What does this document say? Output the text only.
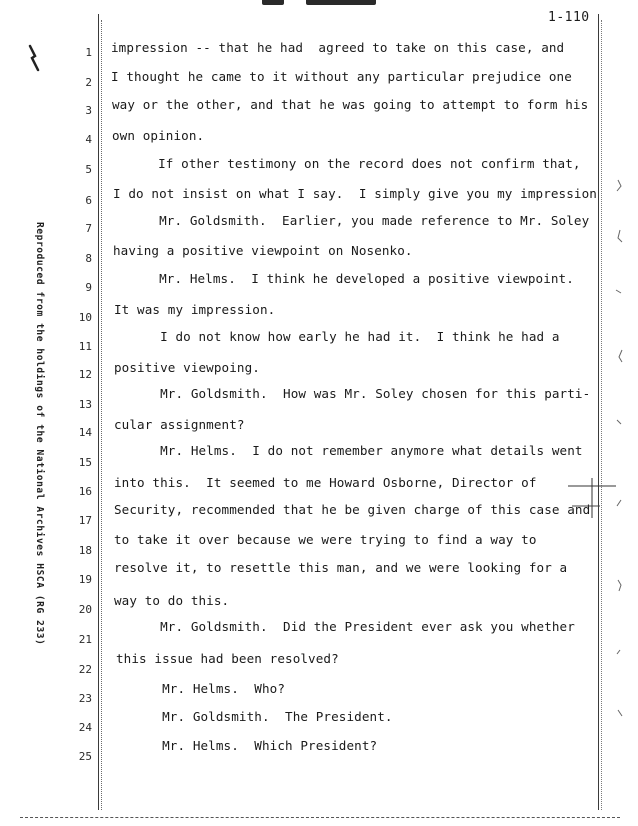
1-110
Reproduced from the holdings of the National Archives HSCA (RG 233)
1
2
3
4
5
6
7
8
9
10
11
12
13
14
15
16
17
18
19
20
21
22
23
24
25
impression -- that he had  agreed to take on this case, and
I thought he came to it without any particular prejudice one
way or the other, and that he was going to attempt to form his
own opinion.
If other testimony on the record does not confirm that,
I do not insist on what I say.  I simply give you my impression
Mr. Goldsmith.  Earlier, you made reference to Mr. Soley
having a positive viewpoint on Nosenko.
Mr. Helms.  I think he developed a positive viewpoint.
It was my impression.
I do not know how early he had it.  I think he had a
positive viewpoing.
Mr. Goldsmith.  How was Mr. Soley chosen for this parti-
cular assignment?
Mr. Helms.  I do not remember anymore what details went
into this.  It seemed to me Howard Osborne, Director of
Security, recommended that he be given charge of this case and
to take it over because we were trying to find a way to
resolve it, to resettle this man, and we were looking for a
way to do this.
Mr. Goldsmith.  Did the President ever ask you whether
this issue had been resolved?
Mr. Helms.  Who?
Mr. Goldsmith.  The President.
Mr. Helms.  Which President?
